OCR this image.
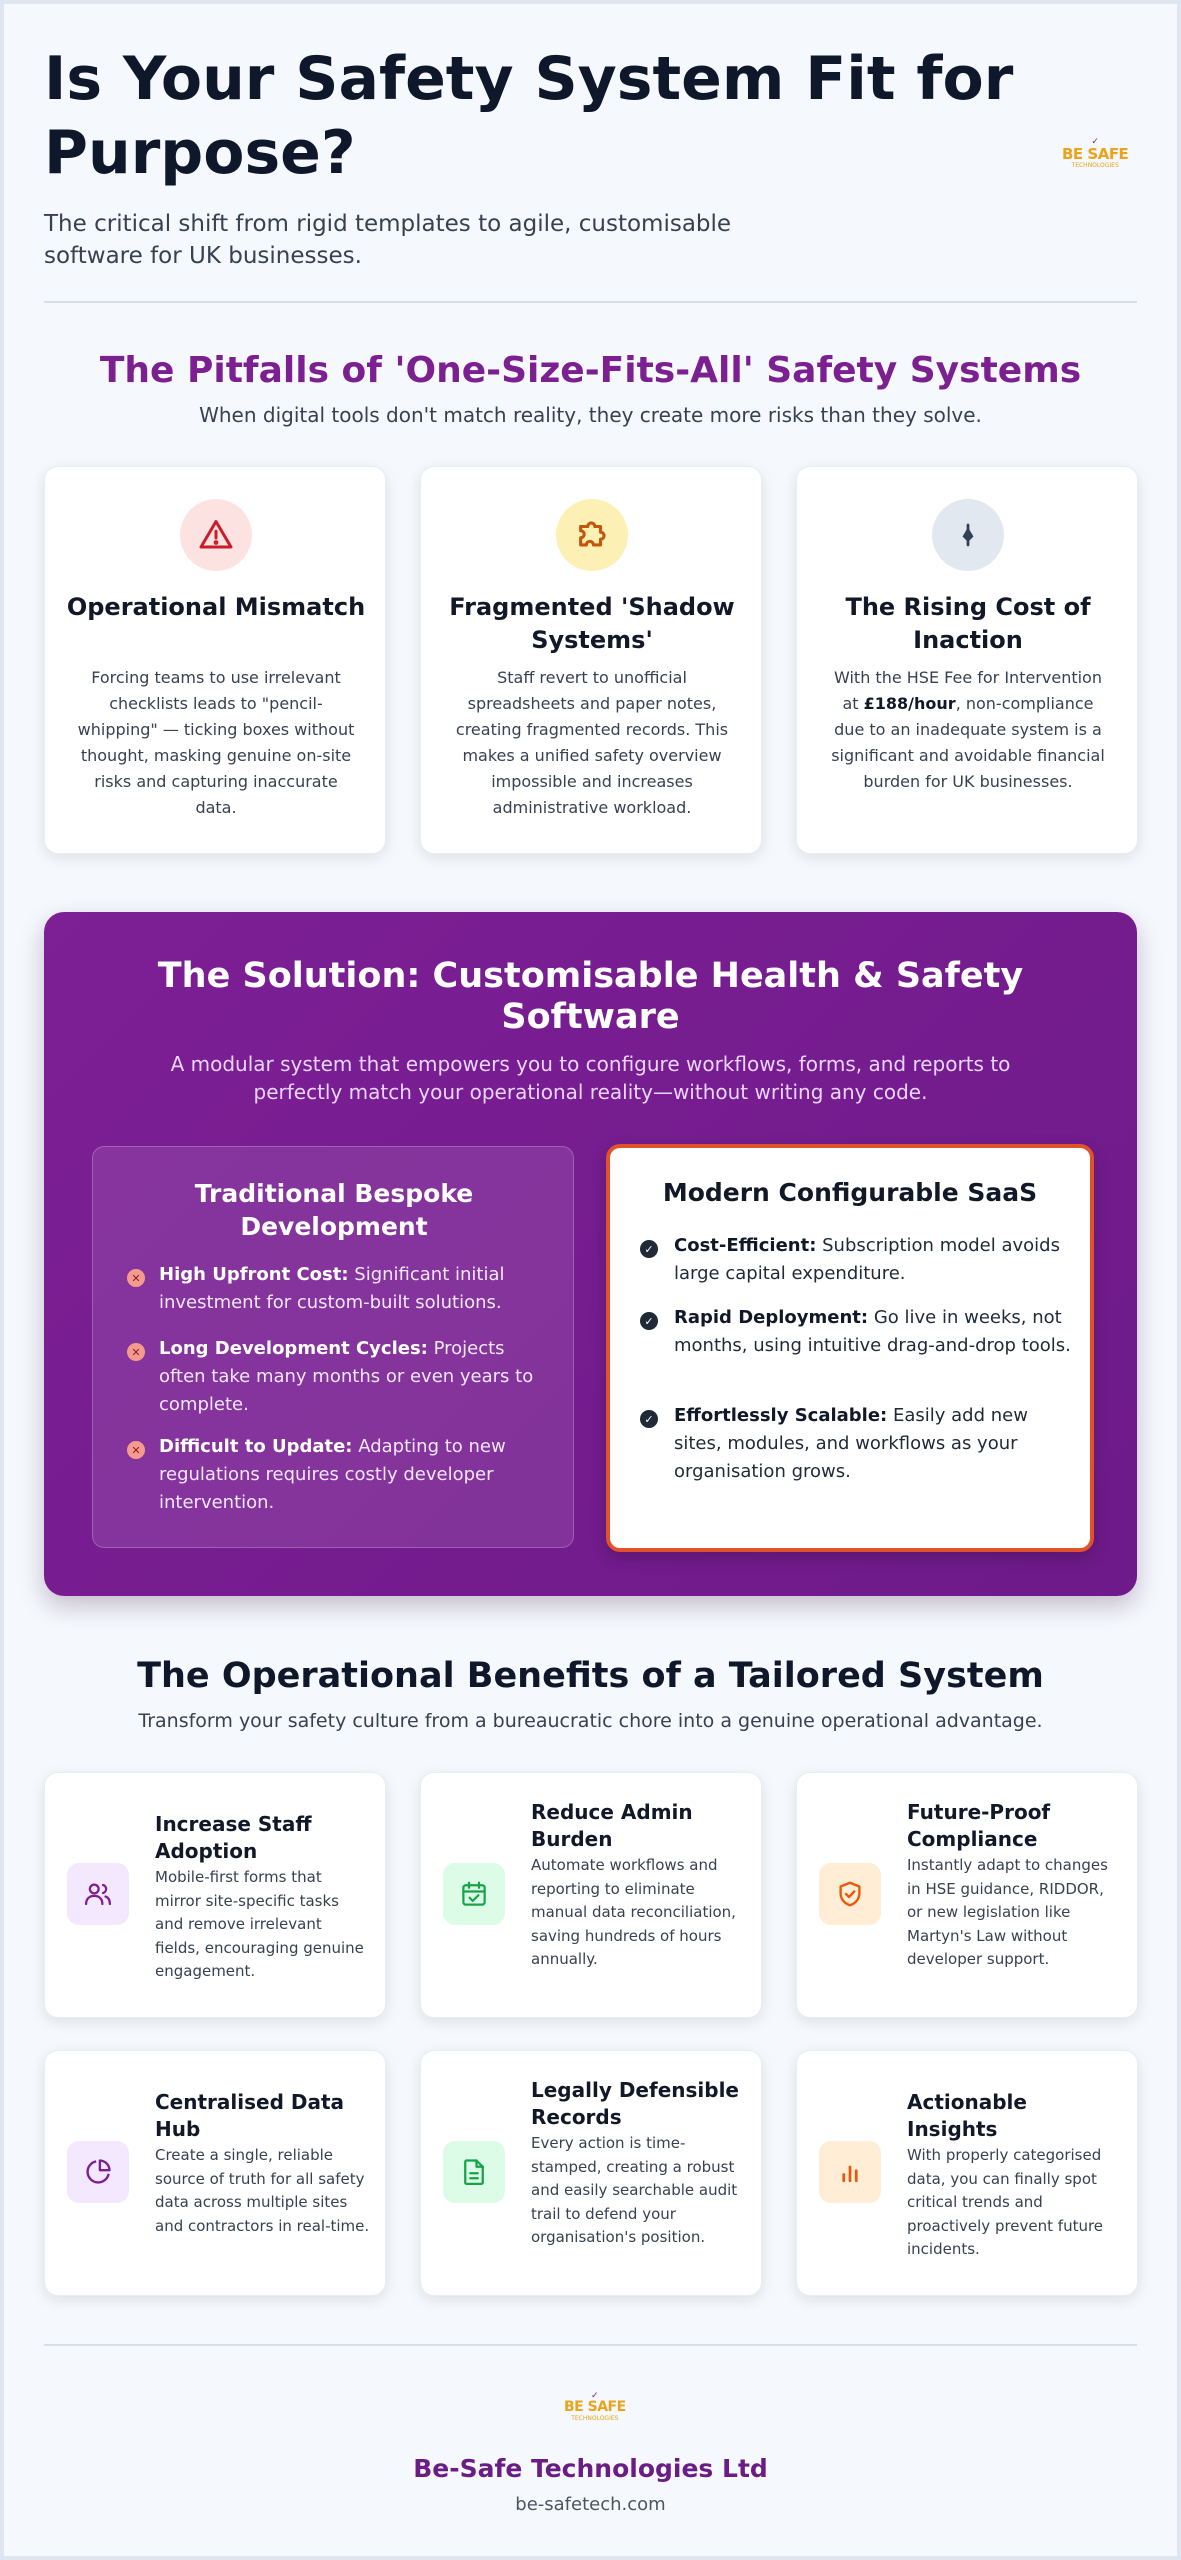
Is Your Safety System Fit for Purpose?

The critical shift from rigid templates to agile, customisable software for UK businesses.

✓
BE SAFE
TECHNOLOGIES
The Pitfalls of 'One-Size-Fits-All' Safety Systems

When digital tools don't match reality, they create more risks than they solve.

Operational Mismatch

Forcing teams to use irrelevant checklists leads to "pencil-whipping" — ticking boxes without thought, masking genuine on-site risks and capturing inaccurate data.

Fragmented 'Shadow Systems'

Staff revert to unofficial spreadsheets and paper notes, creating fragmented records. This makes a unified safety overview impossible and increases administrative workload.

The Rising Cost of Inaction

With the HSE Fee for Intervention at £188/hour, non-compliance due to an inadequate system is a significant and avoidable financial burden for UK businesses.

The Solution: Customisable Health & Safety Software

A modular system that empowers you to configure workflows, forms, and reports to perfectly match your operational reality—without writing any code.

Traditional Bespoke Development
✕ High Upfront Cost: Significant initial investment for custom-built solutions.

✕ Long Development Cycles: Projects often take many months or even years to complete.

✕ Difficult to Update: Adapting to new regulations requires costly developer intervention.

Modern Configurable SaaS
✓ Cost-Efficient: Subscription model avoids large capital expenditure.

✓ Rapid Deployment: Go live in weeks, not months, using intuitive drag-and-drop tools.

✓ Effortlessly Scalable: Easily add new sites, modules, and workflows as your organisation grows.

The Operational Benefits of a Tailored System

Transform your safety culture from a bureaucratic chore into a genuine operational advantage.

Increase Staff Adoption

Mobile-first forms that mirror site-specific tasks and remove irrelevant fields, encouraging genuine engagement.

Reduce Admin Burden

Automate workflows and reporting to eliminate manual data reconciliation, saving hundreds of hours annually.

Future-Proof Compliance

Instantly adapt to changes in HSE guidance, RIDDOR, or new legislation like Martyn's Law without developer support.

Centralised Data Hub

Create a single, reliable source of truth for all safety data across multiple sites and contractors in real-time.

Legally Defensible Records

Every action is time-stamped, creating a robust and easily searchable audit trail to defend your organisation's position.

Actionable Insights

With properly categorised data, you can finally spot critical trends and proactively prevent future incidents.

✓
BE SAFE
TECHNOLOGIES

Be-Safe Technologies Ltd

be-safetech.com
